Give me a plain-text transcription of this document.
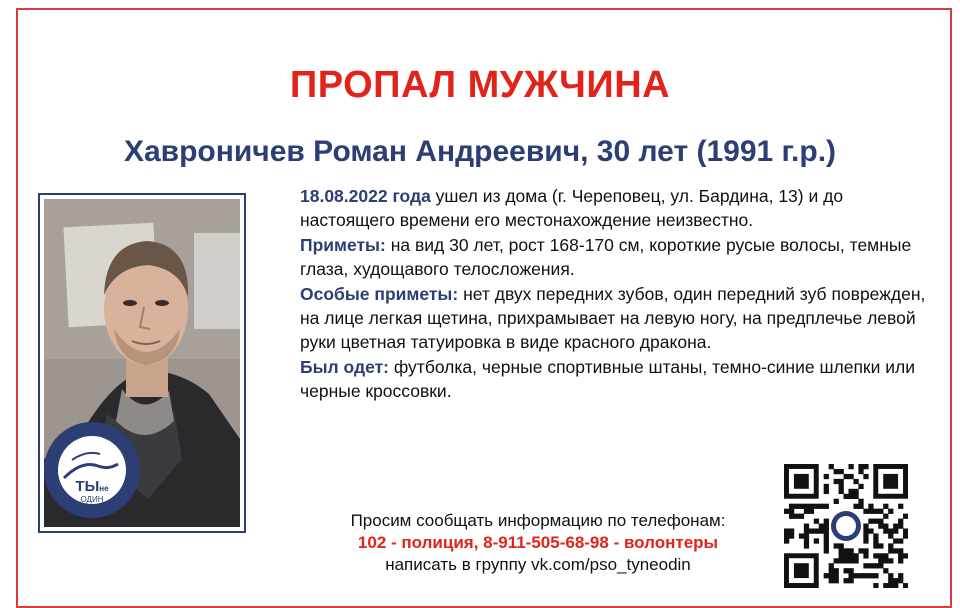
ПРОПАЛ МУЖЧИНА
Хавроничев Роман Андреевич, 30 лет (1991 г.р.)
ТЫне
ОДИН

18.08.2022 года ушел из дома (г. Череповец, ул. Бардина, 13) и до настоящего времени его местонахождение неизвестно.

Приметы: на вид 30 лет, рост 168-170 см, короткие русые волосы, темные глаза, худощавого телосложения.

Особые приметы: нет двух передних зубов, один передний зуб поврежден, на лице легкая щетина, прихрамывает на левую ногу, на предплечье левой руки цветная татуировка в виде красного дракона.

Был одет: футболка, черные спортивные штаны, темно-синие шлепки или черные кроссовки.

Просим сообщать информацию по телефонам:
102 - полиция, 8-911-505-68-98 - волонтеры
написать в группу vk.com/pso_tyneodin
